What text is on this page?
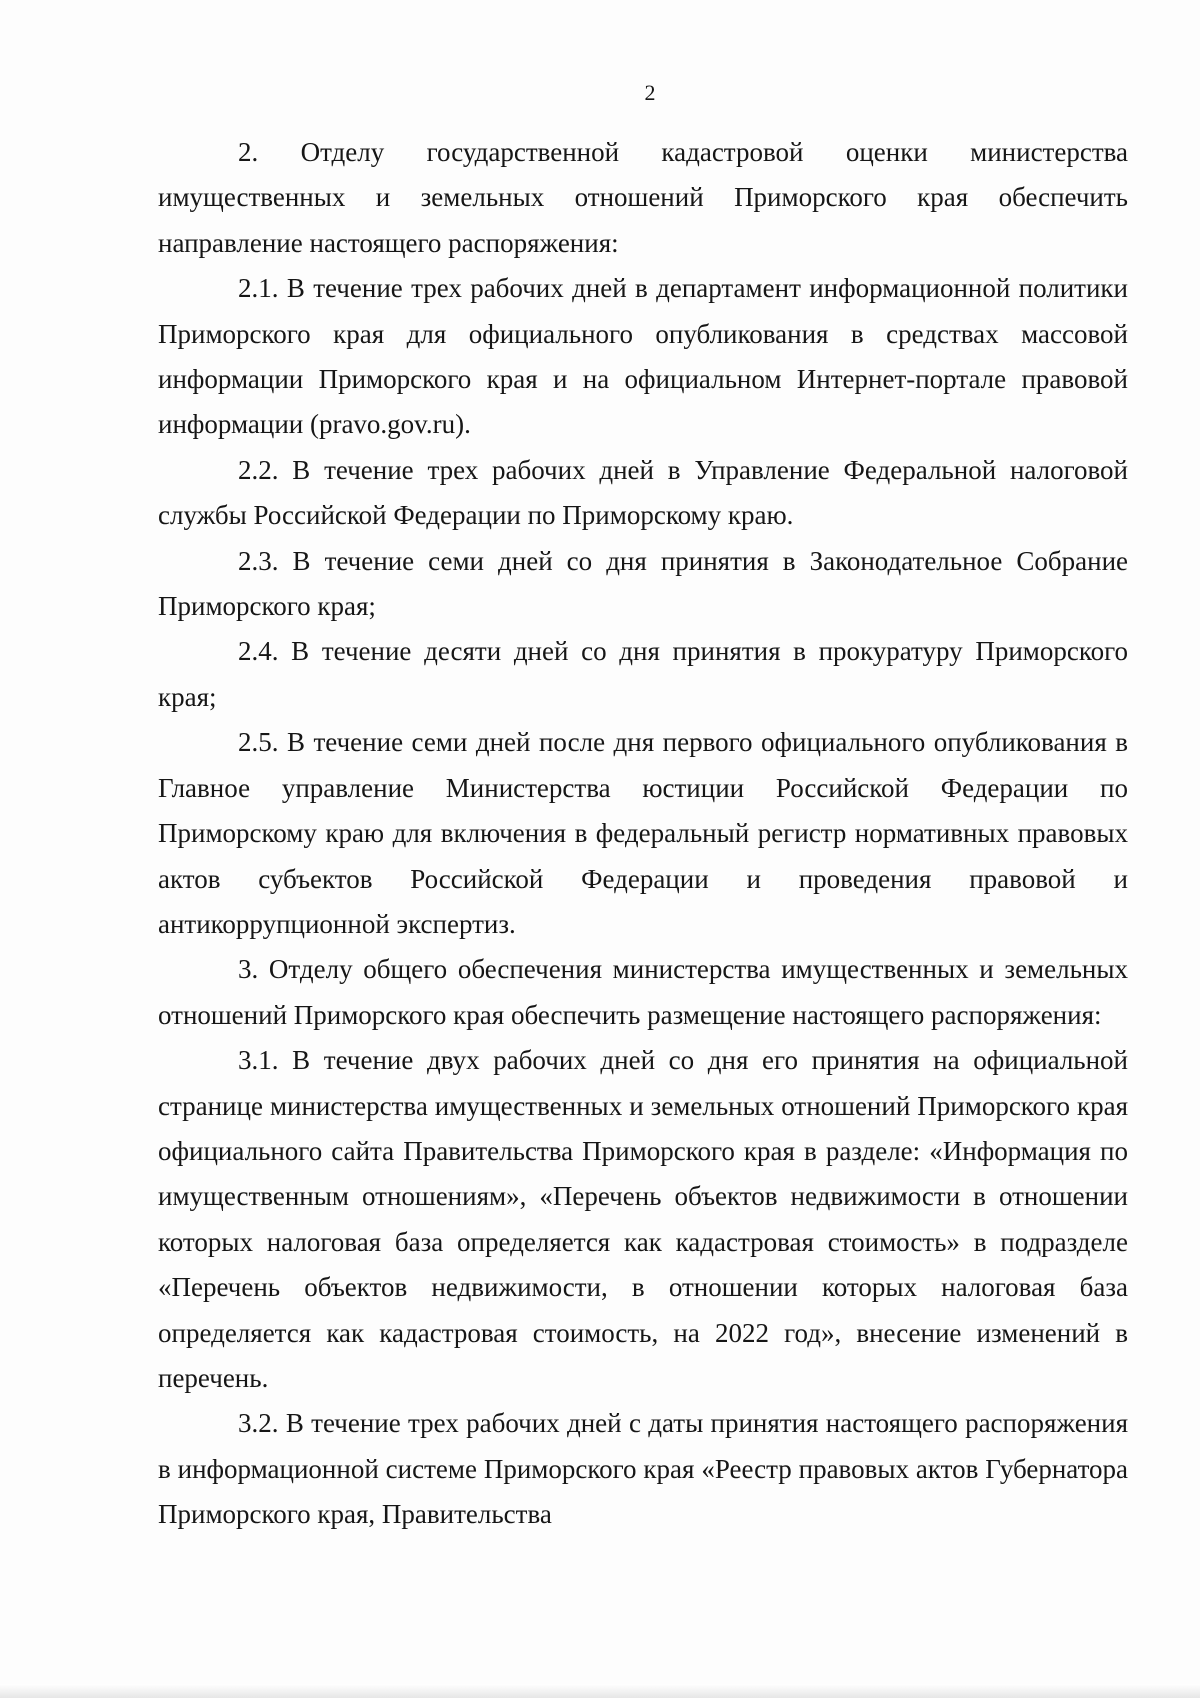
2

2. Отделу государственной кадастровой оценки министерства имущественных и земельных отношений Приморского края обеспечить направление настоящего распоряжения:

2.1. В течение трех рабочих дней в департамент информационной политики Приморского края для официального опубликования в средствах массовой информации Приморского края и на официальном Интернет-портале правовой информации (pravo.gov.ru).

2.2. В течение трех рабочих дней в Управление Федеральной налоговой службы Российской Федерации по Приморскому краю.

2.3. В течение семи дней со дня принятия в Законодательное Собрание Приморского края;

2.4. В течение десяти дней со дня принятия в прокуратуру Приморского края;

2.5. В течение семи дней после дня первого официального опубликования в Главное управление Министерства юстиции Российской Федерации по Приморскому краю для включения в федеральный регистр нормативных правовых актов субъектов Российской Федерации и проведения правовой и антикоррупционной экспертиз.

3. Отделу общего обеспечения министерства имущественных и земельных отношений Приморского края обеспечить размещение настоящего распоряжения:

3.1. В течение двух рабочих дней со дня его принятия на официальной странице министерства имущественных и земельных отношений Приморского края официального сайта Правительства Приморского края в разделе: «Информация по имущественным отношениям», «Перечень объектов недвижимости в отношении которых налоговая база определяется как кадастровая стоимость» в подразделе «Перечень объектов недвижимости, в отношении которых налоговая база определяется как кадастровая стоимость, на 2022 год», внесение изменений в перечень.

3.2. В течение трех рабочих дней с даты принятия настоящего распоряжения в информационной системе Приморского края «Реестр правовых актов Губернатора Приморского края, Правительства
